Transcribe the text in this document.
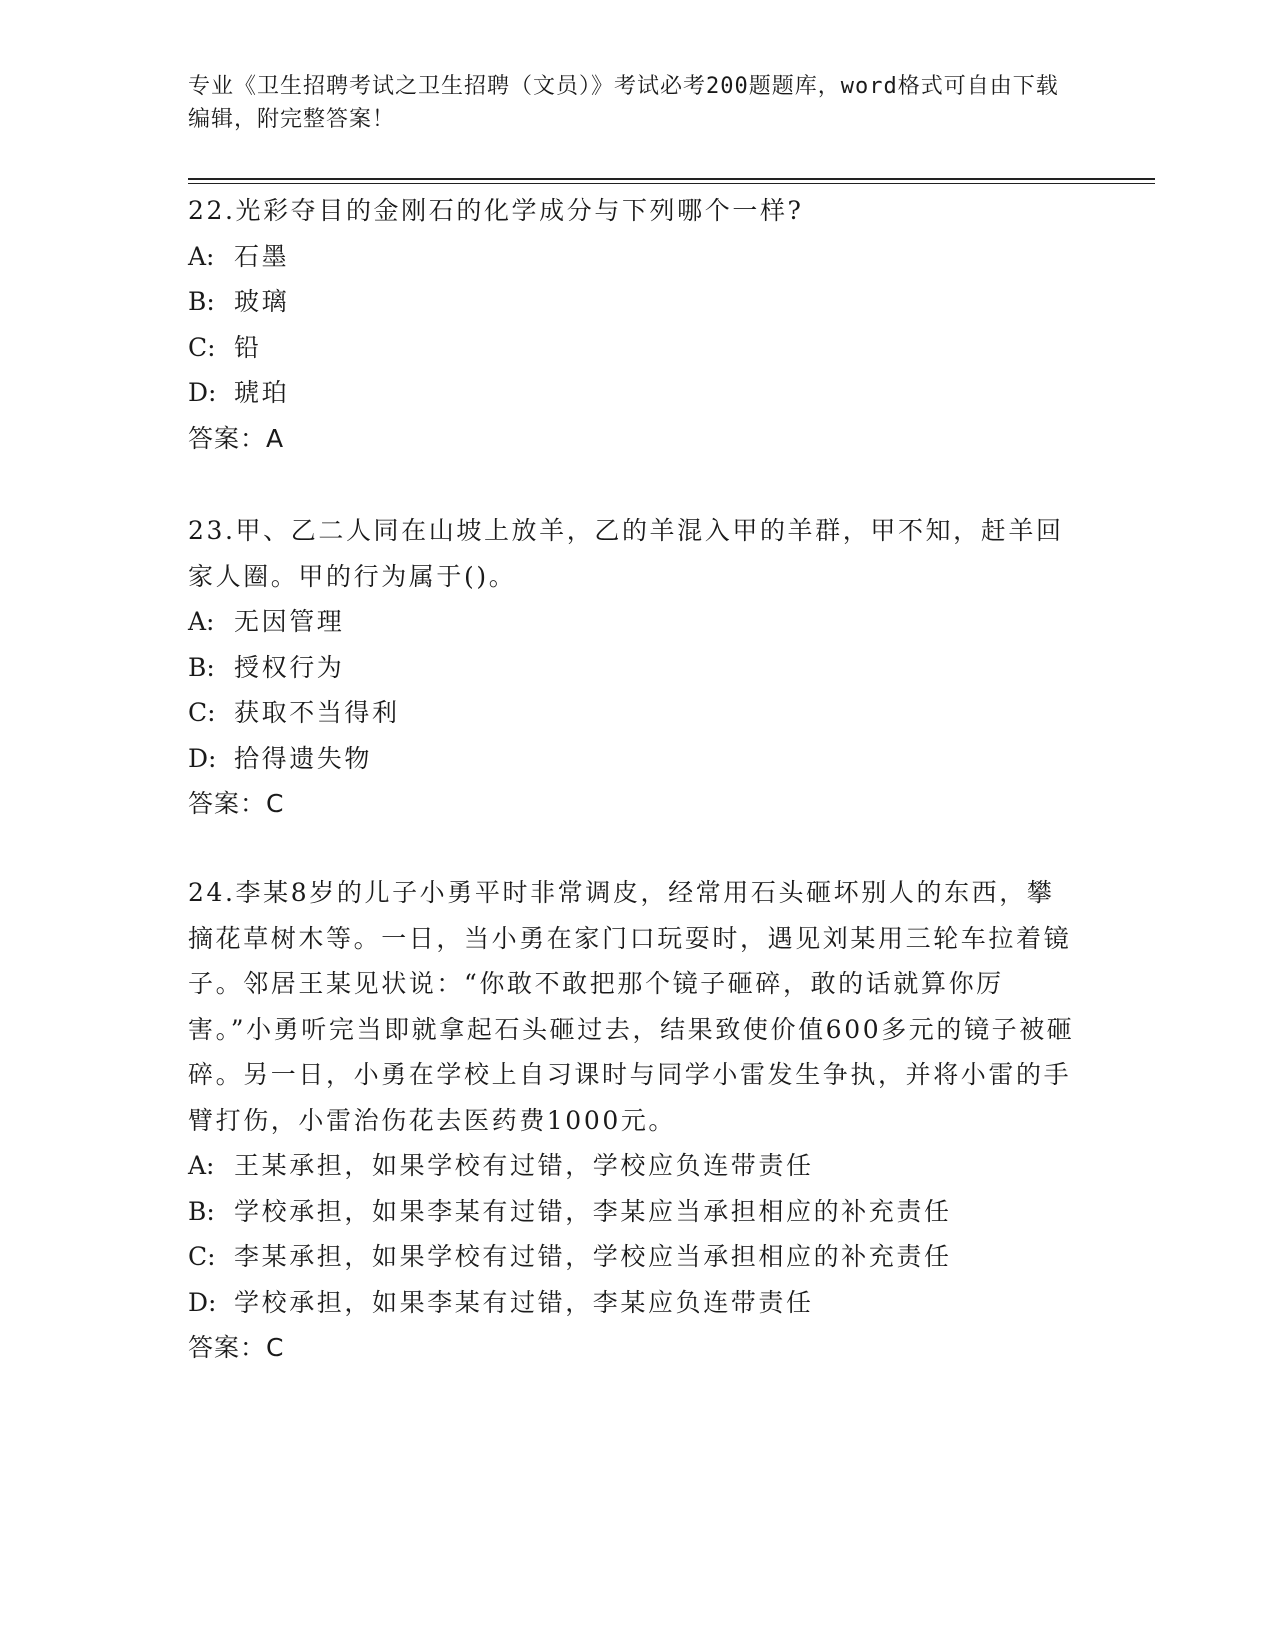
专业《卫生招聘考试之卫生招聘（文员）》考试必考200题题库，word格式可自由下载编辑，附完整答案！

22.光彩夺目的金刚石的化学成分与下列哪个一样?

A: 石墨

B: 玻璃

C: 铅

D: 琥珀

答案：A

23.甲、乙二人同在山坡上放羊，乙的羊混入甲的羊群，甲不知，赶羊回家人圈。甲的行为属于()。

A: 无因管理

B: 授权行为

C: 获取不当得利

D: 拾得遗失物

答案：C

24.李某8岁的儿子小勇平时非常调皮，经常用石头砸坏别人的东西，攀摘花草树木等。一日，当小勇在家门口玩耍时，遇见刘某用三轮车拉着镜子。邻居王某见状说：“你敢不敢把那个镜子砸碎，敢的话就算你厉害。”小勇听完当即就拿起石头砸过去，结果致使价值600多元的镜子被砸碎。另一日，小勇在学校上自习课时与同学小雷发生争执，并将小雷的手臂打伤，小雷治伤花去医药费1000元。

A: 王某承担，如果学校有过错，学校应负连带责任

B: 学校承担，如果李某有过错，李某应当承担相应的补充责任

C: 李某承担，如果学校有过错，学校应当承担相应的补充责任

D: 学校承担，如果李某有过错，李某应负连带责任

答案：C
